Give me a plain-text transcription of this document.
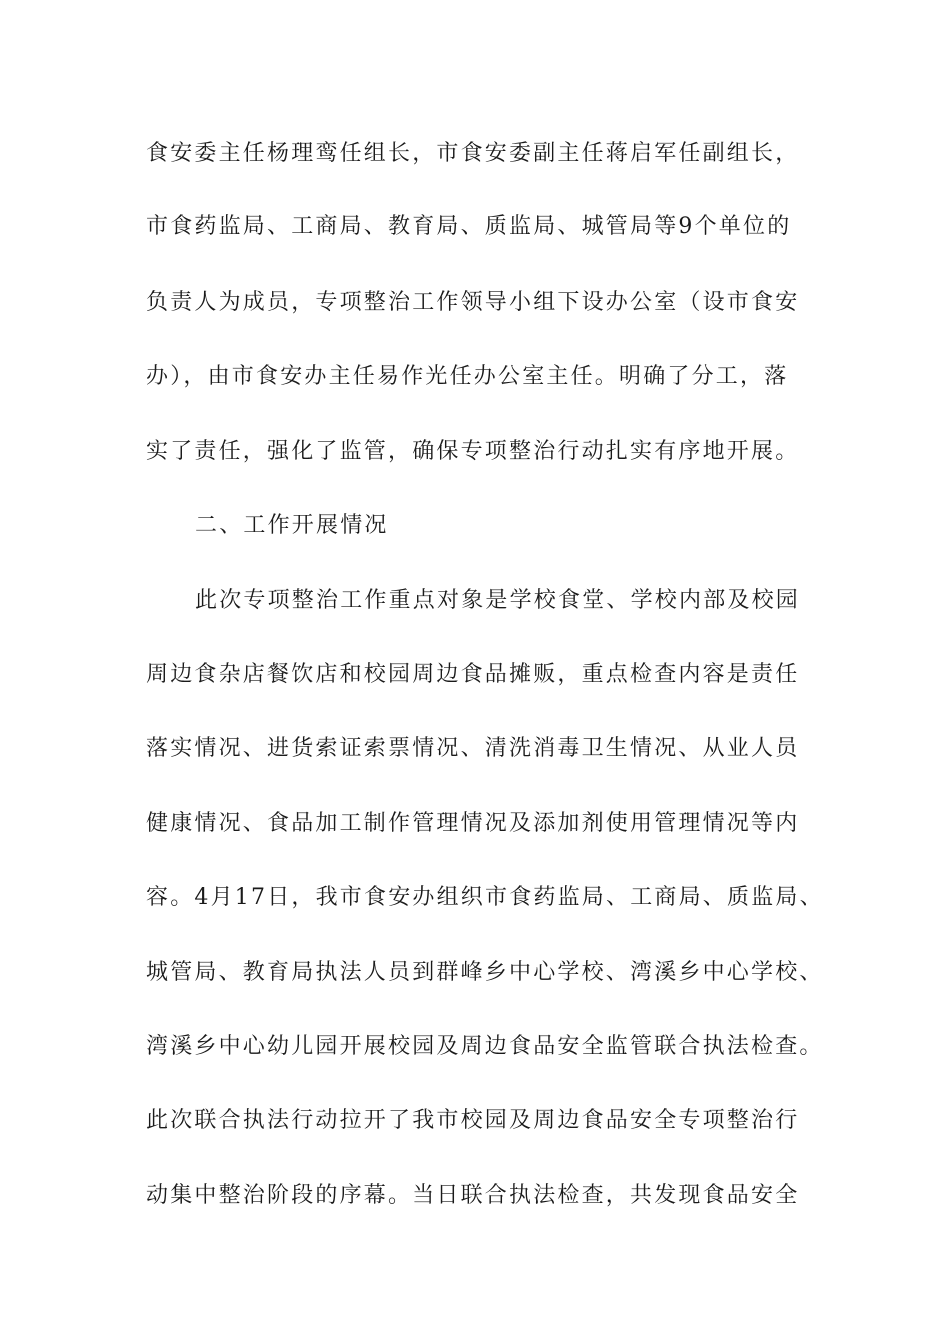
食安委主任杨理鸾任组长，市食安委副主任蒋启军任副组长，
市食药监局、工商局、教育局、质监局、城管局等9个单位的
负责人为成员，专项整治工作领导小组下设办公室（设市食安
办），由市食安办主任易作光任办公室主任。明确了分工，落
实了责任，强化了监管，确保专项整治行动扎实有序地开展。
二、工作开展情况
此次专项整治工作重点对象是学校食堂、学校内部及校园
周边食杂店餐饮店和校园周边食品摊贩，重点检查内容是责任
落实情况、进货索证索票情况、清洗消毒卫生情况、从业人员
健康情况、食品加工制作管理情况及添加剂使用管理情况等内
容。4月17日，我市食安办组织市食药监局、工商局、质监局、
城管局、教育局执法人员到群峰乡中心学校、湾溪乡中心学校、
湾溪乡中心幼儿园开展校园及周边食品安全监管联合执法检查。
此次联合执法行动拉开了我市校园及周边食品安全专项整治行
动集中整治阶段的序幕。当日联合执法检查，共发现食品安全
